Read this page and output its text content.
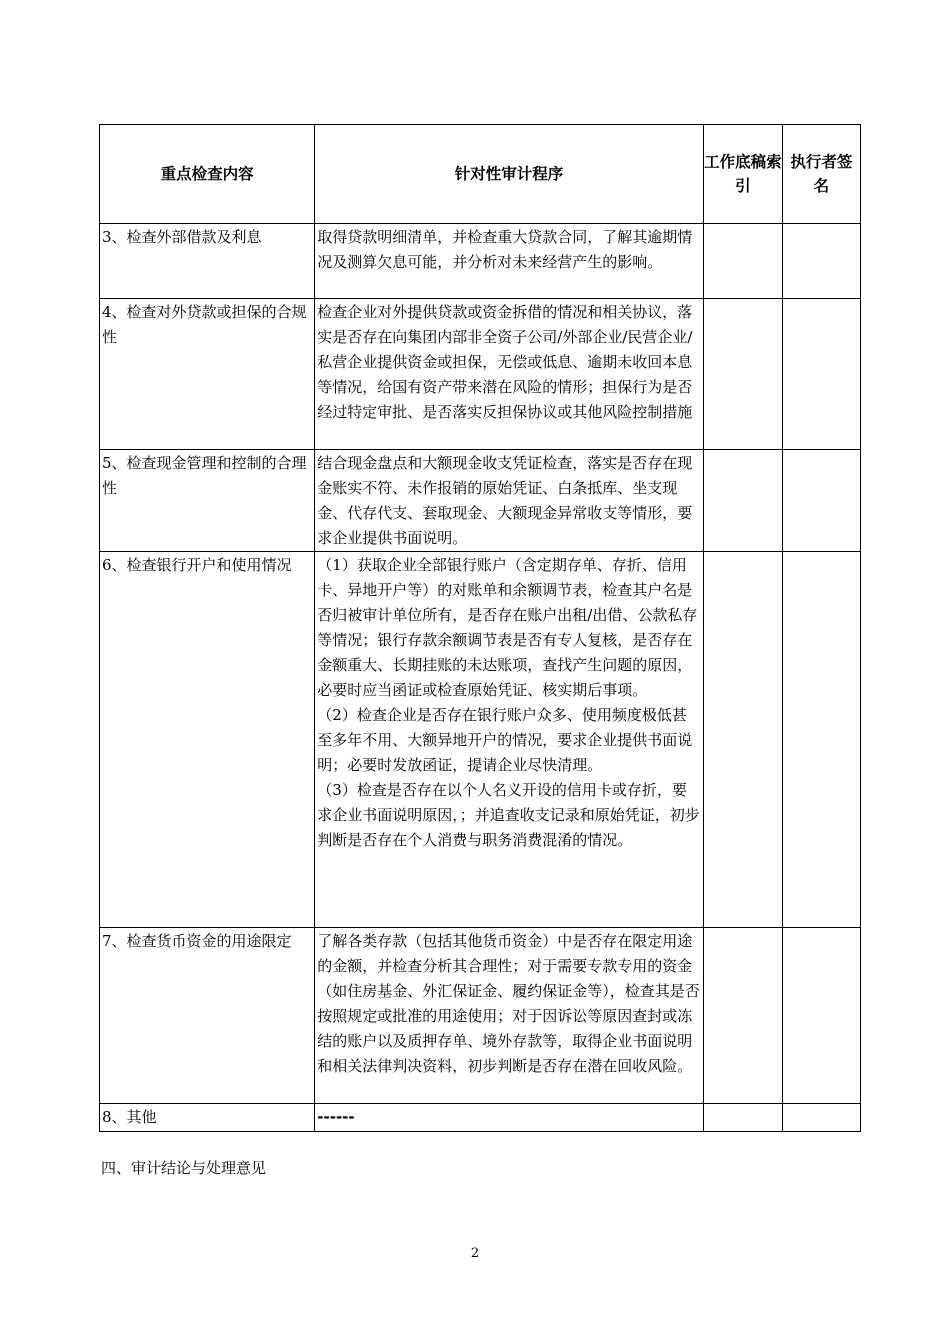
重点检查内容	针对性审计程序	工作底稿索引	执行者签名
3、检查外部借款及利息	取得贷款明细清单，并检查重大贷款合同，了解其逾期情况及测算欠息可能，并分析对未来经营产生的影响。		
4、检查对外贷款或担保的合规性	检查企业对外提供贷款或资金拆借的情况和相关协议，落实是否存在向集团内部非全资子公司/外部企业/民营企业/私营企业提供资金或担保，无偿或低息、逾期未收回本息等情况，给国有资产带来潜在风险的情形；担保行为是否经过特定审批、是否落实反担保协议或其他风险控制措施		
5、检查现金管理和控制的合理性	结合现金盘点和大额现金收支凭证检查，落实是否存在现金账实不符、未作报销的原始凭证、白条抵库、坐支现金、代存代支、套取现金、大额现金异常收支等情形，要求企业提供书面说明。		
6、检查银行开户和使用情况	（1）获取企业全部银行账户（含定期存单、存折、信用卡、异地开户等）的对账单和余额调节表，检查其户名是否归被审计单位所有，是否存在账户出租/出借、公款私存等情况；银行存款余额调节表是否有专人复核，是否存在金额重大、长期挂账的未达账项，查找产生问题的原因，必要时应当函证或检查原始凭证、核实期后事项。
（2）检查企业是否存在银行账户众多、使用频度极低甚至多年不用、大额异地开户的情况，要求企业提供书面说明；必要时发放函证，提请企业尽快清理。
（3）检查是否存在以个人名义开设的信用卡或存折，要求企业书面说明原因，；并追查收支记录和原始凭证，初步判断是否存在个人消费与职务消费混淆的情况。		
7、检查货币资金的用途限定	了解各类存款（包括其他货币资金）中是否存在限定用途的金额，并检查分析其合理性；对于需要专款专用的资金（如住房基金、外汇保证金、履约保证金等），检查其是否按照规定或批准的用途使用；对于因诉讼等原因查封或冻结的账户以及质押存单、境外存款等，取得企业书面说明和相关法律判决资料，初步判断是否存在潜在回收风险。		
8、其他	------		
四、审计结论与处理意见
2
